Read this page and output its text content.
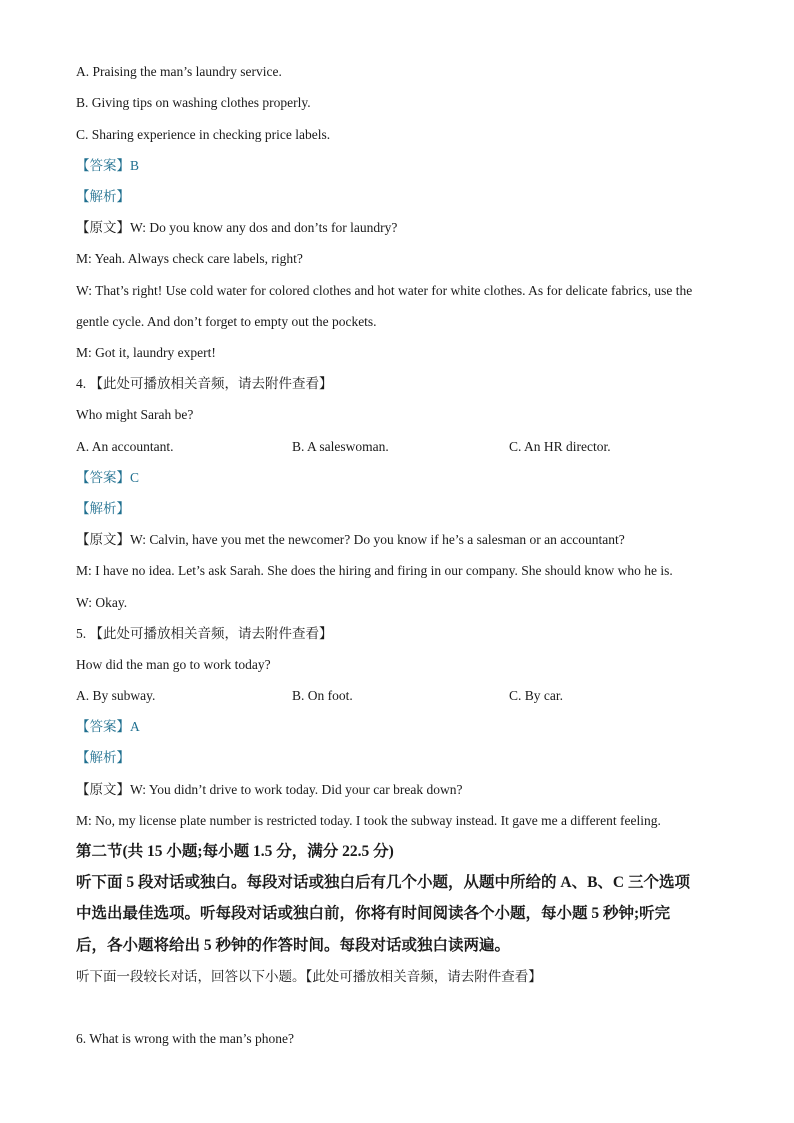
A. Praising the man’s laundry service.
B. Giving tips on washing clothes properly.
C. Sharing experience in checking price labels.
【答案】B
【解析】
【原文】W: Do you know any dos and don’ts for laundry?
M: Yeah. Always check care labels, right?
W: That’s right! Use cold water for colored clothes and hot water for white clothes. As for delicate fabrics, use the
gentle cycle. And don’t forget to empty out the pockets.
M: Got it, laundry expert!
4. 【此处可播放相关音频，请去附件查看】
Who might Sarah be?
A. An accountant.	B. A saleswoman.	C. An HR director.
【答案】C
【解析】
【原文】W: Calvin, have you met the newcomer? Do you know if he’s a salesman or an accountant?
M: I have no idea. Let’s ask Sarah. She does the hiring and firing in our company. She should know who he is.
W: Okay.
5. 【此处可播放相关音频，请去附件查看】
How did the man go to work today?
A. By subway.	B. On foot.	C. By car.
【答案】A
【解析】
【原文】W: You didn’t drive to work today. Did your car break down?
M: No, my license plate number is restricted today. I took the subway instead. It gave me a different feeling.
第二节(共 15 小题;每小题 1.5 分，满分 22.5 分)
听下面 5 段对话或独白。每段对话或独白后有几个小题，从题中所给的 A、B、C 三个选项
中选出最佳选项。听每段对话或独白前，你将有时间阅读各个小题，每小题 5 秒钟;听完
后，各小题将给出 5 秒钟的作答时间。每段对话或独白读两遍。
听下面一段较长对话，回答以下小题。【此处可播放相关音频，请去附件查看】
6. What is wrong with the man’s phone?
